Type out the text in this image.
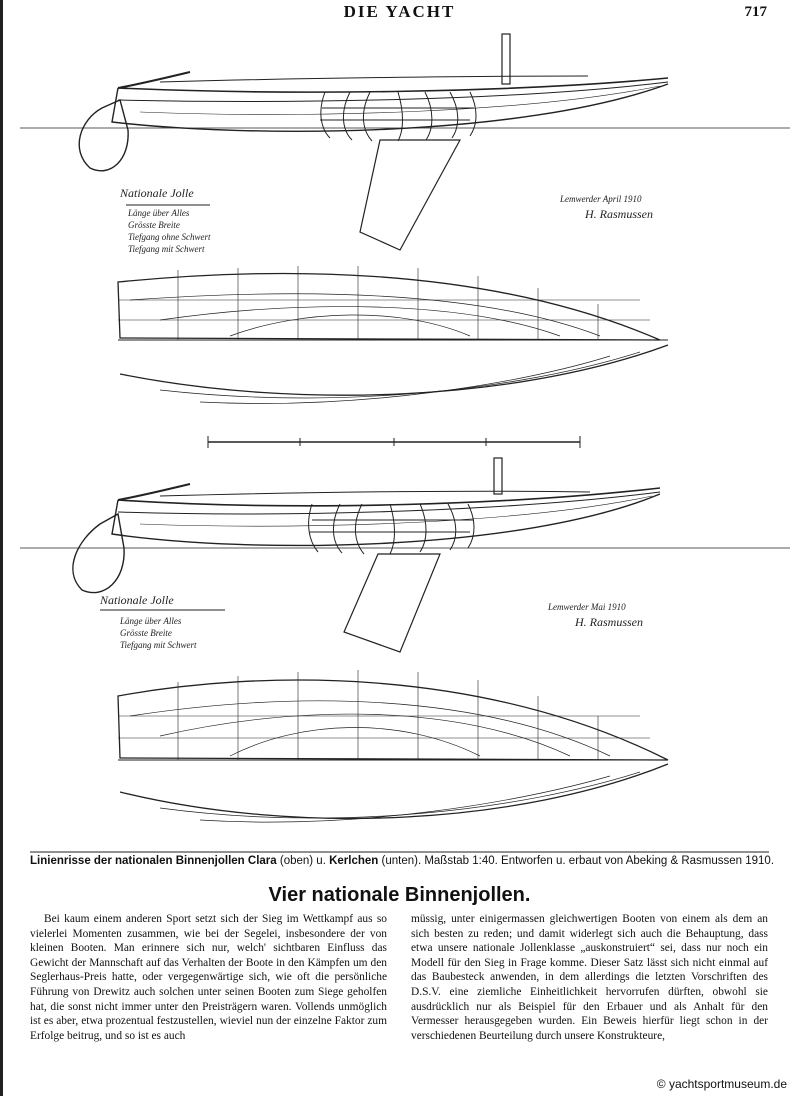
DIE YACHT	717
Nationale Jolle
Länge über Alles
Grösste Breite
Tiefgang ohne Schwert
Tiefgang mit Schwert
Lemwerder April 1910
H. Rasmussen
Nationale Jolle
Länge über Alles
Grösste Breite
Tiefgang mit Schwert
Lemwerder Mai 1910
H. Rasmussen
Linienrisse der nationalen Binnenjollen Clara (oben) u. Kerlchen (unten). Maßstab 1:40. Entworfen u. erbaut von Abeking & Rasmussen 1910.
Vier nationale Binnenjollen.

Bei kaum einem anderen Sport setzt sich der Sieg im Wettkampf aus so vielerlei Momenten zusammen, wie bei der Segelei, insbesondere der von kleinen Booten. Man erinnere sich nur, welch' sichtbaren Einfluss das Gewicht der Mannschaft auf das Verhalten der Boote in den Kämpfen um den Seglerhaus-Preis hatte, oder vergegenwärtige sich, wie oft die persönliche Führung von Drewitz auch solchen unter seinen Booten zum Siege geholfen hat, die sonst nicht immer unter den Preisträgern waren. Vollends unmöglich ist es aber, etwa prozentual festzustellen, wieviel nun der einzelne Faktor zum Erfolge beitrug, und so ist es auch

müssig, unter einigermassen gleichwertigen Booten von einem als dem an sich besten zu reden; und damit widerlegt sich auch die Behauptung, dass etwa unsere nationale Jollenklasse „auskonstruiert“ sei, dass nur noch ein Modell für den Sieg in Frage komme. Dieser Satz lässt sich nicht einmal auf das Baubesteck anwenden, in dem allerdings die letzten Vorschriften des D.S.V. eine ziemliche Einheitlichkeit hervorrufen dürften, obwohl sie ausdrücklich nur als Beispiel für den Erbauer und als Anhalt für den Vermesser herausgegeben wurden. Ein Beweis hierfür liegt schon in der verschiedenen Beurteilung durch unsere Konstrukteure,

© yachtsportmuseum.de
